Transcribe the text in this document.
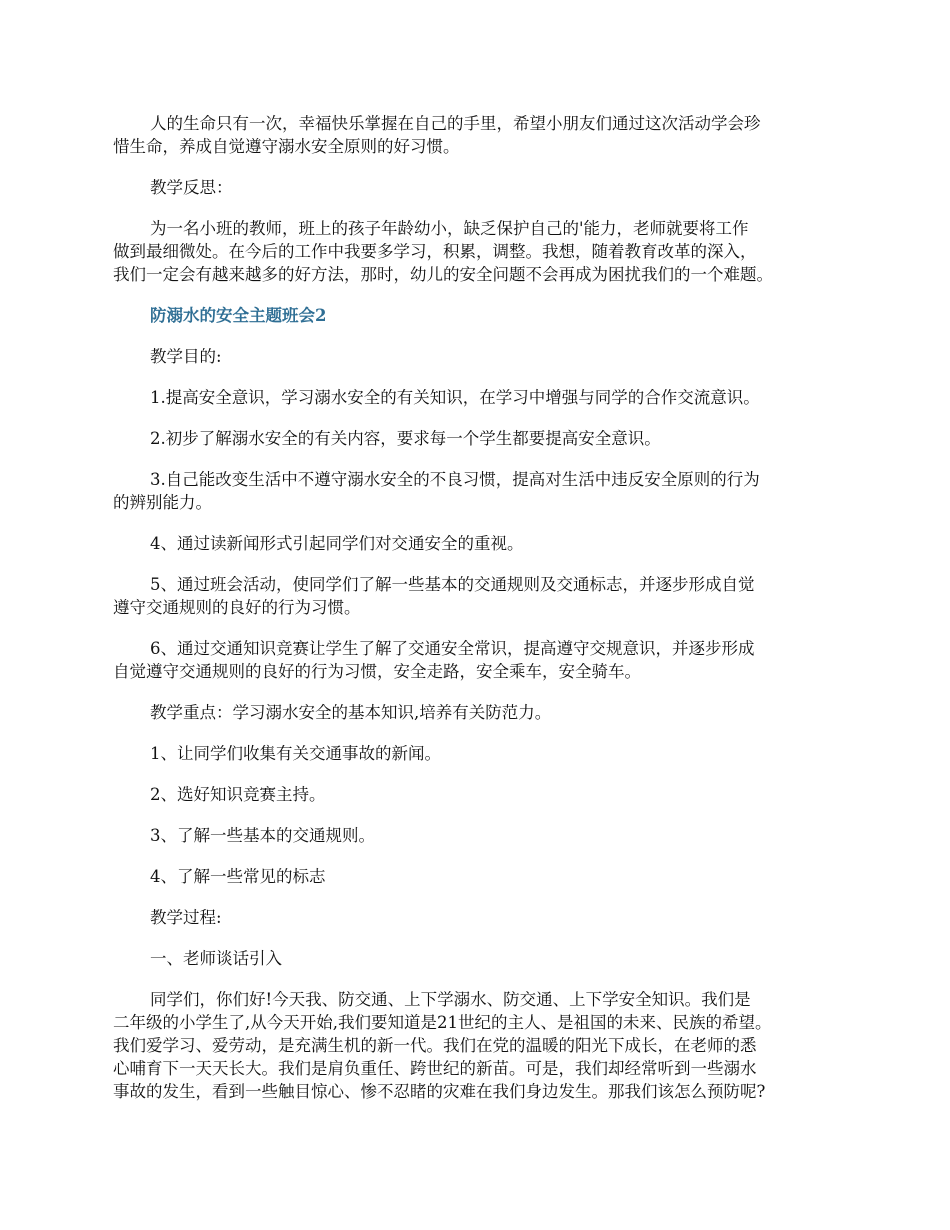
人的生命只有一次，幸福快乐掌握在自己的手里，希望小朋友们通过这次活动学会珍
惜生命，养成自觉遵守溺水安全原则的好习惯。

教学反思：

为一名小班的教师，班上的孩子年龄幼小，缺乏保护自己的'能力，老师就要将工作
做到最细微处。在今后的工作中我要多学习，积累，调整。我想，随着教育改革的深入，
我们一定会有越来越多的好方法，那时，幼儿的安全问题不会再成为困扰我们的一个难题。

防溺水的安全主题班会2

教学目的:

1.提高安全意识，学习溺水安全的有关知识，在学习中增强与同学的合作交流意识。

2.初步了解溺水安全的有关内容，要求每一个学生都要提高安全意识。

3.自己能改变生活中不遵守溺水安全的不良习惯，提高对生活中违反安全原则的行为
的辨别能力。

4、通过读新闻形式引起同学们对交通安全的重视。

5、通过班会活动，使同学们了解一些基本的交通规则及交通标志，并逐步形成自觉
遵守交通规则的良好的行为习惯。

6、通过交通知识竞赛让学生了解了交通安全常识，提高遵守交规意识，并逐步形成
自觉遵守交通规则的良好的行为习惯，安全走路，安全乘车，安全骑车。

教学重点：学习溺水安全的基本知识,培养有关防范力。

1、让同学们收集有关交通事故的新闻。

2、选好知识竞赛主持。

3、了解一些基本的交通规则。

4、了解一些常见的标志

教学过程:

一、老师谈话引入

同学们，你们好!今天我、防交通、上下学溺水、防交通、上下学安全知识。我们是
二年级的小学生了,从今天开始,我们要知道是21世纪的主人、是祖国的未来、民族的希望。
我们爱学习、爱劳动，是充满生机的新一代。我们在党的温暖的阳光下成长，在老师的悉
心哺育下一天天长大。我们是肩负重任、跨世纪的新苗。可是，我们却经常听到一些溺水
事故的发生，看到一些触目惊心、惨不忍睹的灾难在我们身边发生。那我们该怎么预防呢?
